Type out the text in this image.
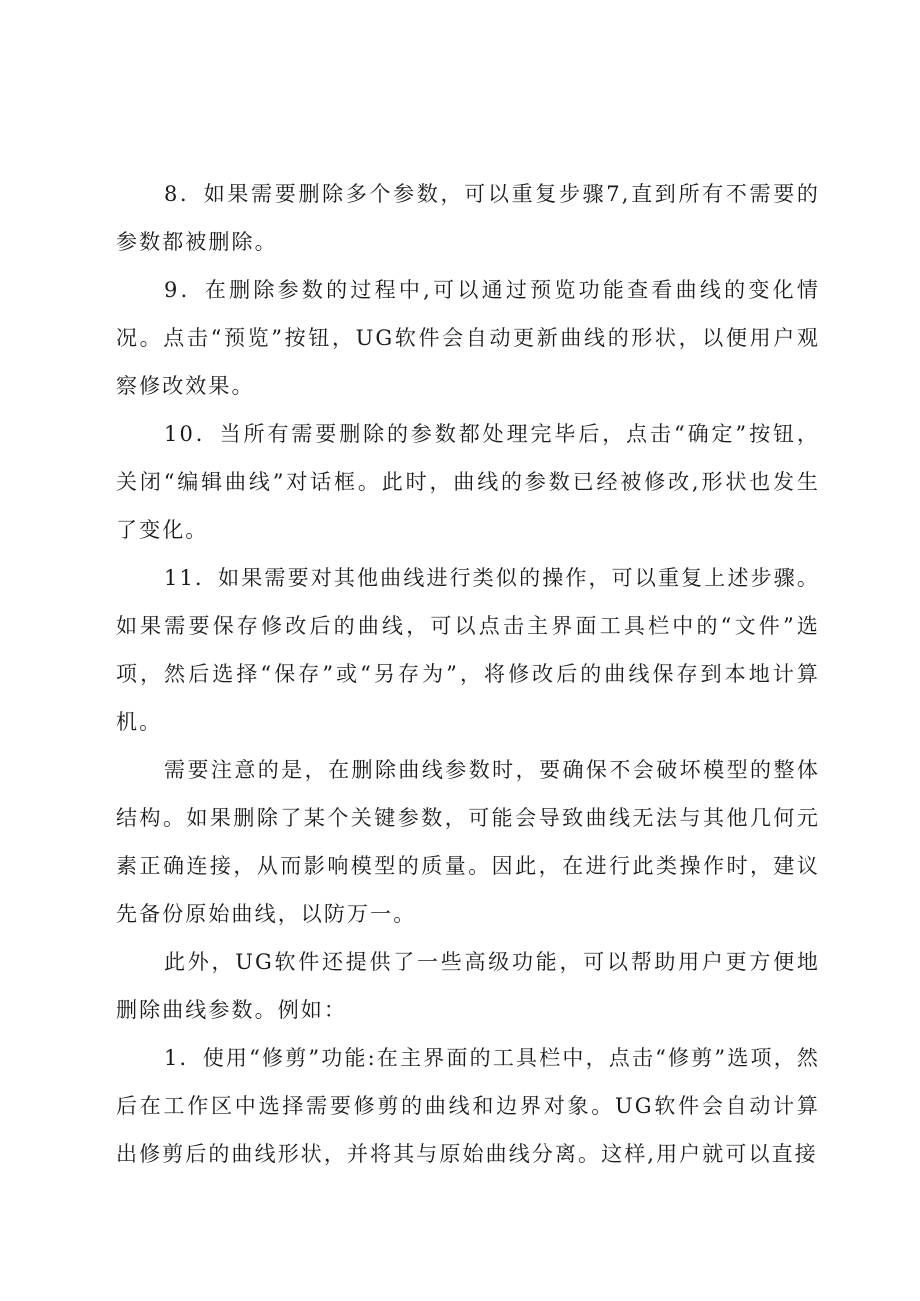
8．如果需要删除多个参数，可以重复步骤7,直到所有不需要的参数都被删除。

9．在删除参数的过程中,可以通过预览功能查看曲线的变化情况。点击“预览”按钮，UG软件会自动更新曲线的形状，以便用户观察修改效果。

10．当所有需要删除的参数都处理完毕后，点击“确定”按钮，关闭“编辑曲线”对话框。此时，曲线的参数已经被修改,形状也发生了变化。

11．如果需要对其他曲线进行类似的操作，可以重复上述步骤。如果需要保存修改后的曲线，可以点击主界面工具栏中的“文件”选项，然后选择“保存”或“另存为”，将修改后的曲线保存到本地计算机。

需要注意的是，在删除曲线参数时，要确保不会破坏模型的整体结构。如果删除了某个关键参数，可能会导致曲线无法与其他几何元素正确连接，从而影响模型的质量。因此，在进行此类操作时，建议先备份原始曲线，以防万一。

此外，UG软件还提供了一些高级功能，可以帮助用户更方便地删除曲线参数。例如：

1．使用“修剪”功能:在主界面的工具栏中，点击“修剪”选项，然后在工作区中选择需要修剪的曲线和边界对象。UG软件会自动计算出修剪后的曲线形状，并将其与原始曲线分离。这样,用户就可以直接
